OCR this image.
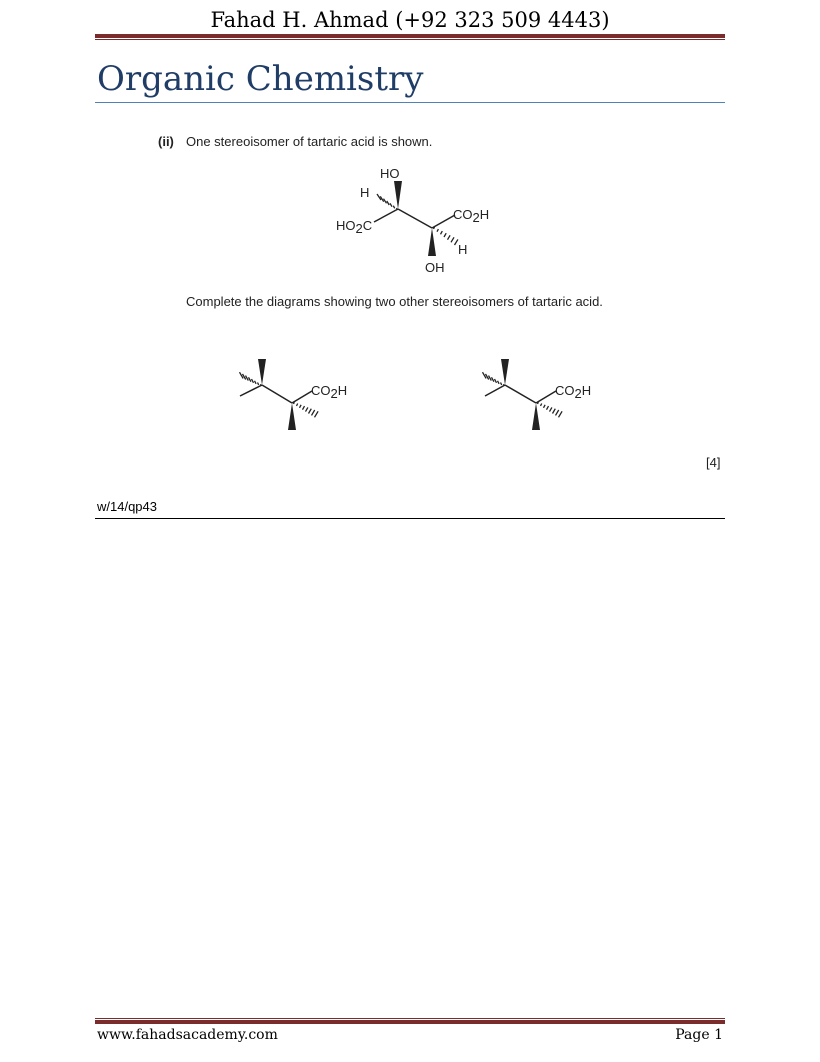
Fahad H. Ahmad (+92 323 509 4443)
Organic Chemistry
(ii) One stereoisomer of tartaric acid is shown.
HO
H
HO2C
CO2H
H
OH
Complete the diagrams showing two other stereoisomers of tartaric acid.
CO2H	CO2H
[4]
w/14/qp43
www.fahadsacademy.com	Page 1
